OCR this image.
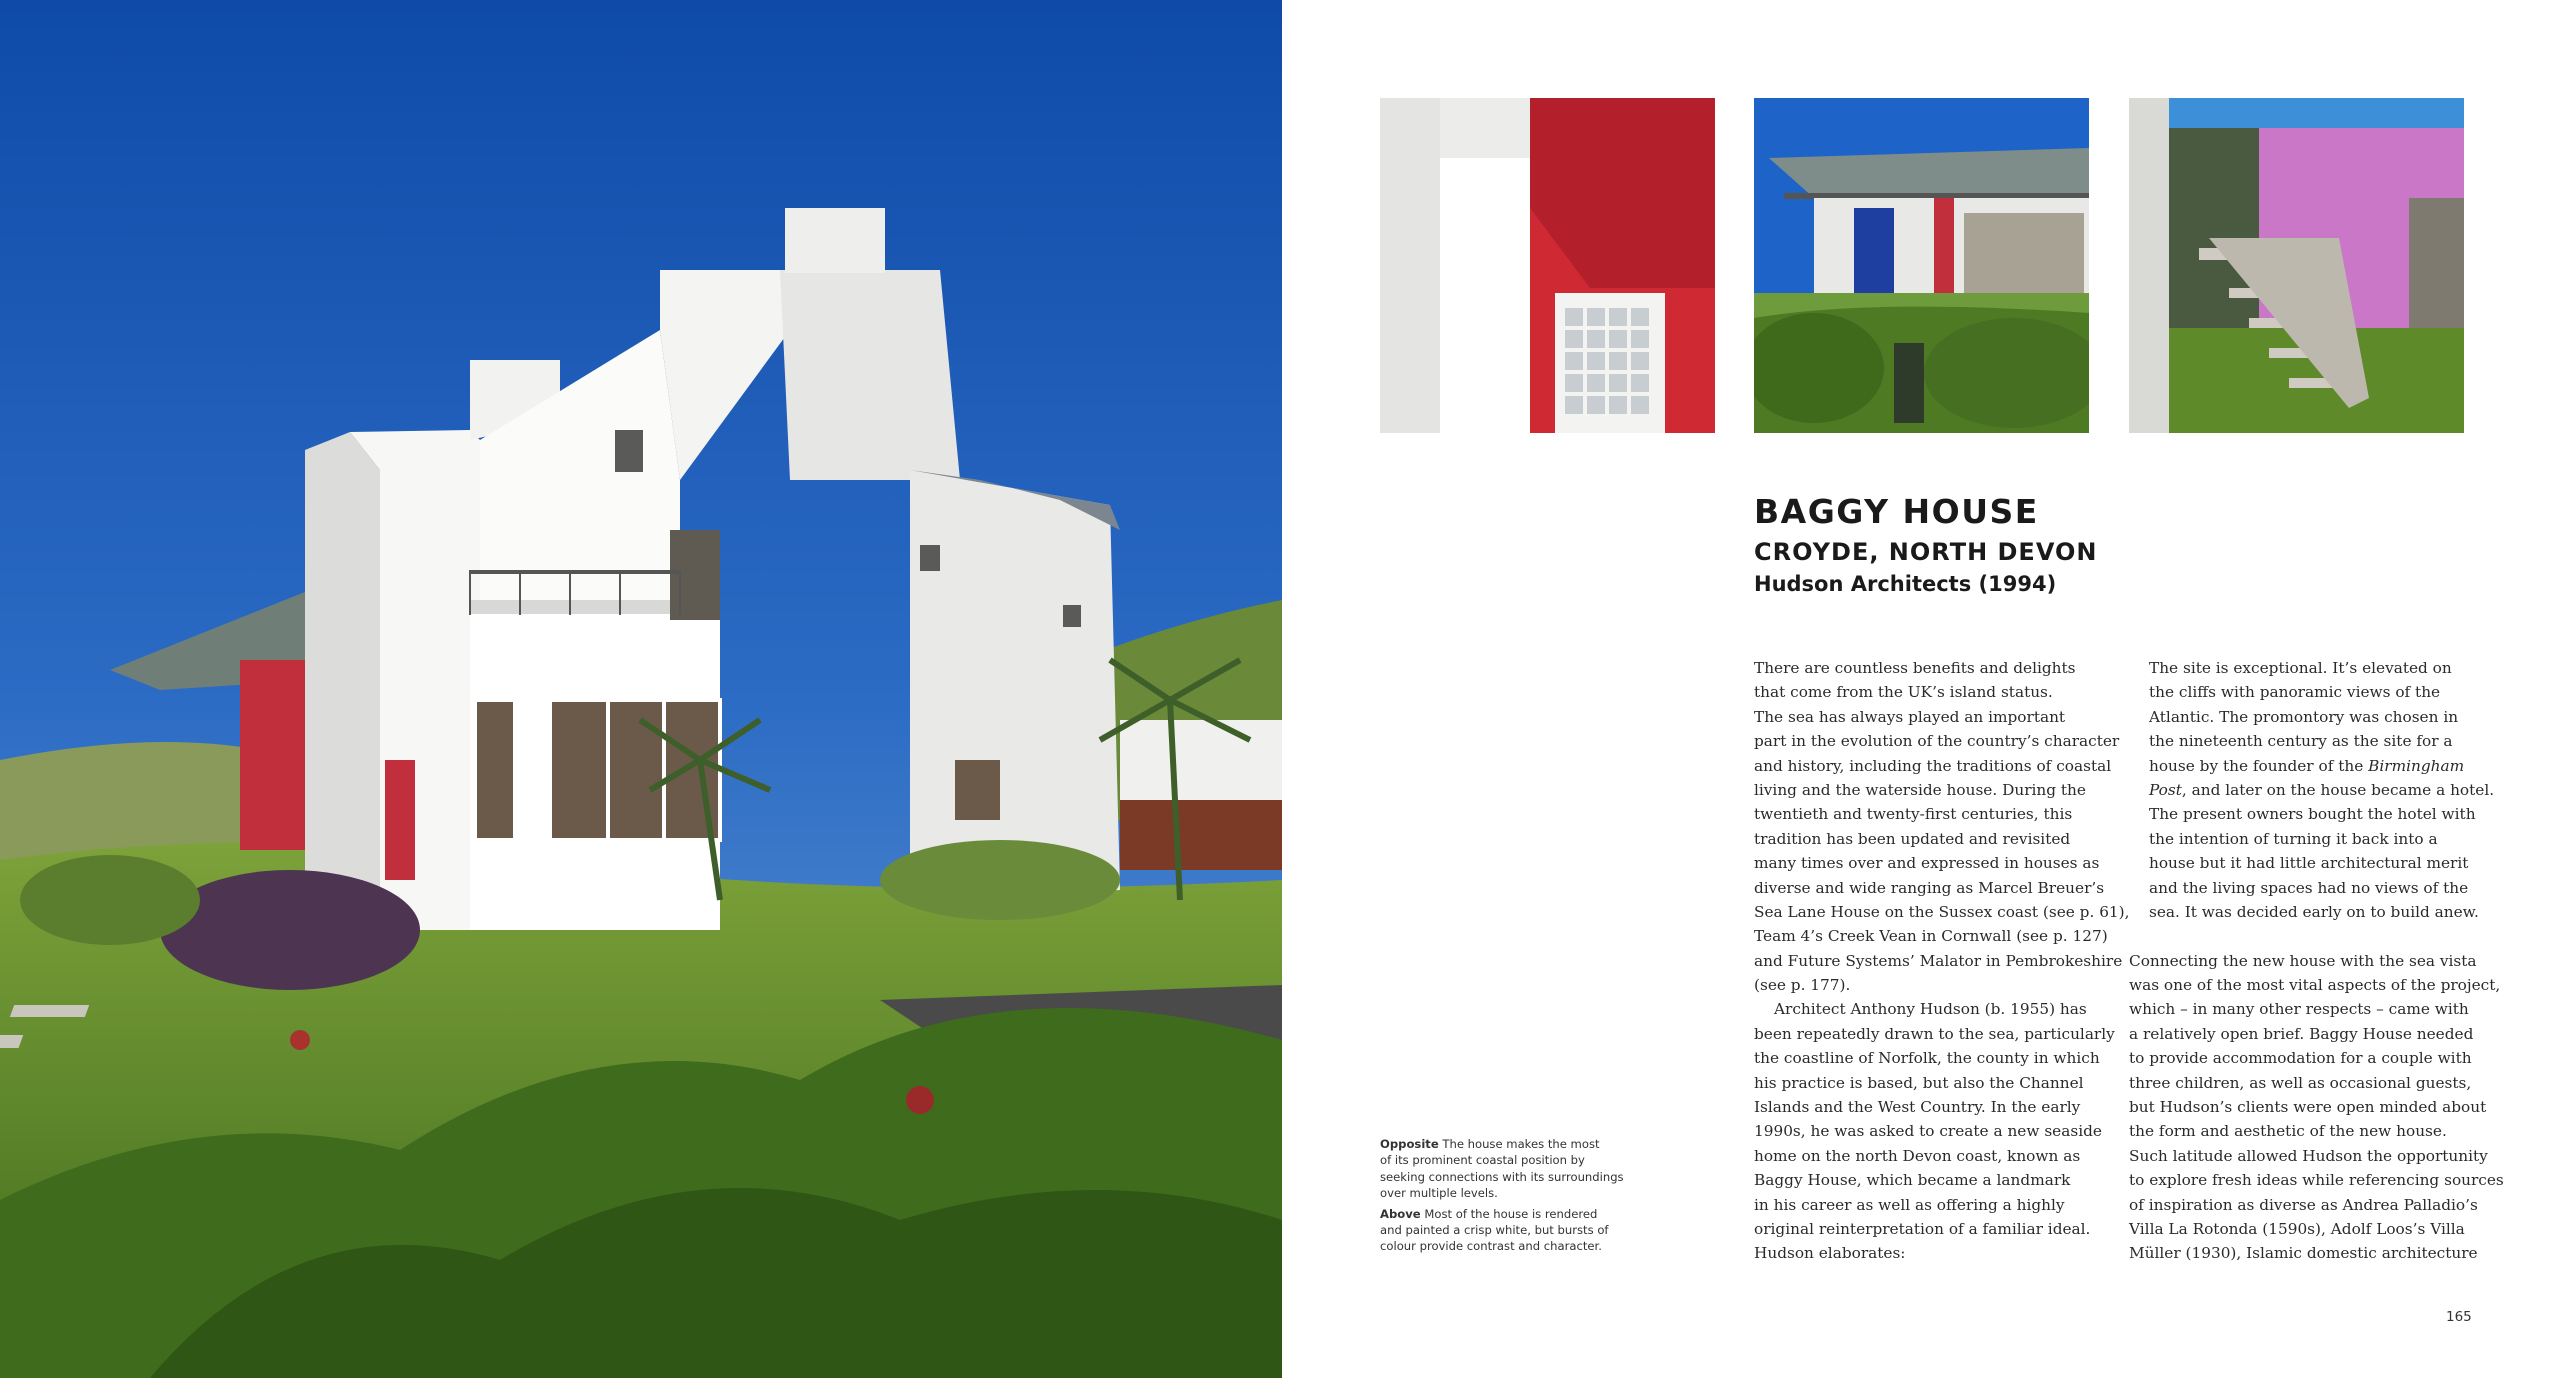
BAGGY HOUSE
CROYDE, NORTH DEVON
Hudson Architects (1994)
There are countless benefits and delights
that come from the UK’s island status.
The sea has always played an important
part in the evolution of the country’s character
and history, including the traditions of coastal
living and the waterside house. During the
twentieth and twenty-first centuries, this
tradition has been updated and revisited
many times over and expressed in houses as
diverse and wide ranging as Marcel Breuer’s
Sea Lane House on the Sussex coast (see p. 61),
Team 4’s Creek Vean in Cornwall (see p. 127)
and Future Systems’ Malator in Pembrokeshire
(see p. 177).
Architect Anthony Hudson (b. 1955) has
been repeatedly drawn to the sea, particularly
the coastline of Norfolk, the county in which
his practice is based, but also the Channel
Islands and the West Country. In the early
1990s, he was asked to create a new seaside
home on the north Devon coast, known as
Baggy House, which became a landmark
in his career as well as offering a highly
original reinterpretation of a familiar ideal.
Hudson elaborates:
The site is exceptional. It’s elevated on
the cliffs with panoramic views of the
Atlantic. The promontory was chosen in
the nineteenth century as the site for a
house by the founder of the Birmingham
Post, and later on the house became a hotel.
The present owners bought the hotel with
the intention of turning it back into a
house but it had little architectural merit
and the living spaces had no views of the
sea. It was decided early on to build anew.
Connecting the new house with the sea vista
was one of the most vital aspects of the project,
which – in many other respects – came with
a relatively open brief. Baggy House needed
to provide accommodation for a couple with
three children, as well as occasional guests,
but Hudson’s clients were open minded about
the form and aesthetic of the new house.
Such latitude allowed Hudson the opportunity
to explore fresh ideas while referencing sources
of inspiration as diverse as Andrea Palladio’s
Villa La Rotonda (1590s), Adolf Loos’s Villa
Müller (1930), Islamic domestic architecture
Opposite The house makes the most
of its prominent coastal position by
seeking connections with its surroundings
over multiple levels.
Above Most of the house is rendered
and painted a crisp white, but bursts of
colour provide contrast and character.
165
